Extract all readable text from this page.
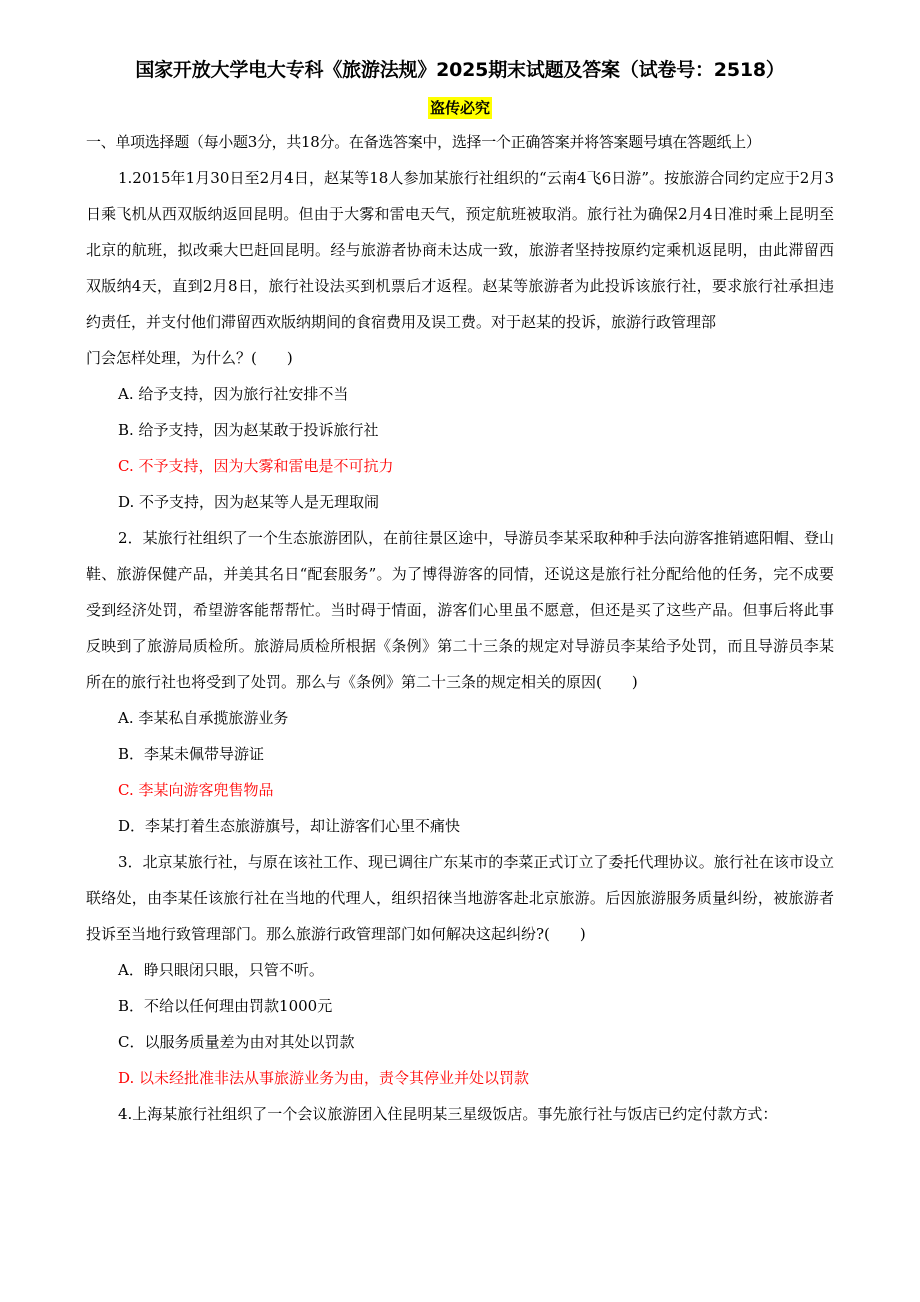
国家开放大学电大专科《旅游法规》2025期末试题及答案（试卷号：2518）
盗传必究

一、单项选择题（每小题3分，共18分。在备选答案中，选择一个正确答案并将答案题号填在答题纸上）

1.2015年1月30日至2月4日，赵某等18人参加某旅行社组织的“云南4飞6日游”。按旅游合同约定应于2月3日乘飞机从西双版纳返回昆明。但由于大雾和雷电天气，预定航班被取消。旅行社为确保2月4日准时乘上昆明至北京的航班，拟改乘大巴赶回昆明。经与旅游者协商未达成一致，旅游者坚持按原约定乘机返昆明，由此滞留西双版纳4天，直到2月8日，旅行社设法买到机票后才返程。赵某等旅游者为此投诉该旅行社，要求旅行社承担违约责任，并支付他们滞留西欢版纳期间的食宿费用及误工费。对于赵某的投诉，旅游行政管理部

门会怎样处理，为什么？(　　)

A. 给予支持，因为旅行社安排不当

B. 给予支持，因为赵某敢于投诉旅行社

C. 不予支持，因为大雾和雷电是不可抗力

D. 不予支持，因为赵某等人是无理取闹

2．某旅行社组织了一个生态旅游团队，在前往景区途中，导游员李某采取种种手法向游客推销遮阳帽、登山鞋、旅游保健产品，并美其名日“配套服务”。为了博得游客的同情，还说这是旅行社分配给他的任务，完不成要受到经济处罚，希望游客能帮帮忙。当时碍于情面，游客们心里虽不愿意，但还是买了这些产品。但事后将此事反映到了旅游局质检所。旅游局质检所根据《条例》第二十三条的规定对导游员李某给予处罚，而且导游员李某所在的旅行社也将受到了处罚。那么与《条例》第二十三条的规定相关的原因(　　)

A. 李某私自承揽旅游业务

B．李某未佩带导游证

C. 李某向游客兜售物品

D．李某打着生态旅游旗号，却让游客们心里不痛快

3．北京某旅行社，与原在该社工作、现已调往广东某市的李菜正式订立了委托代理协议。旅行社在该市设立联络处，由李某任该旅行社在当地的代理人，组织招徕当地游客赴北京旅游。后因旅游服务质量纠纷，被旅游者投诉至当地行致管理部门。那么旅游行政管理部门如何解决这起纠纷?(　　)

A．睁只眼闭只眼，只管不听。

B．不给以任何理由罚款1000元

C．以服务质量差为由对其处以罚款

D. 以未经批准非法从事旅游业务为由，责令其停业并处以罚款

4.上海某旅行社组织了一个会议旅游团入住昆明某三星级饭店。事先旅行社与饭店已约定付款方式：
